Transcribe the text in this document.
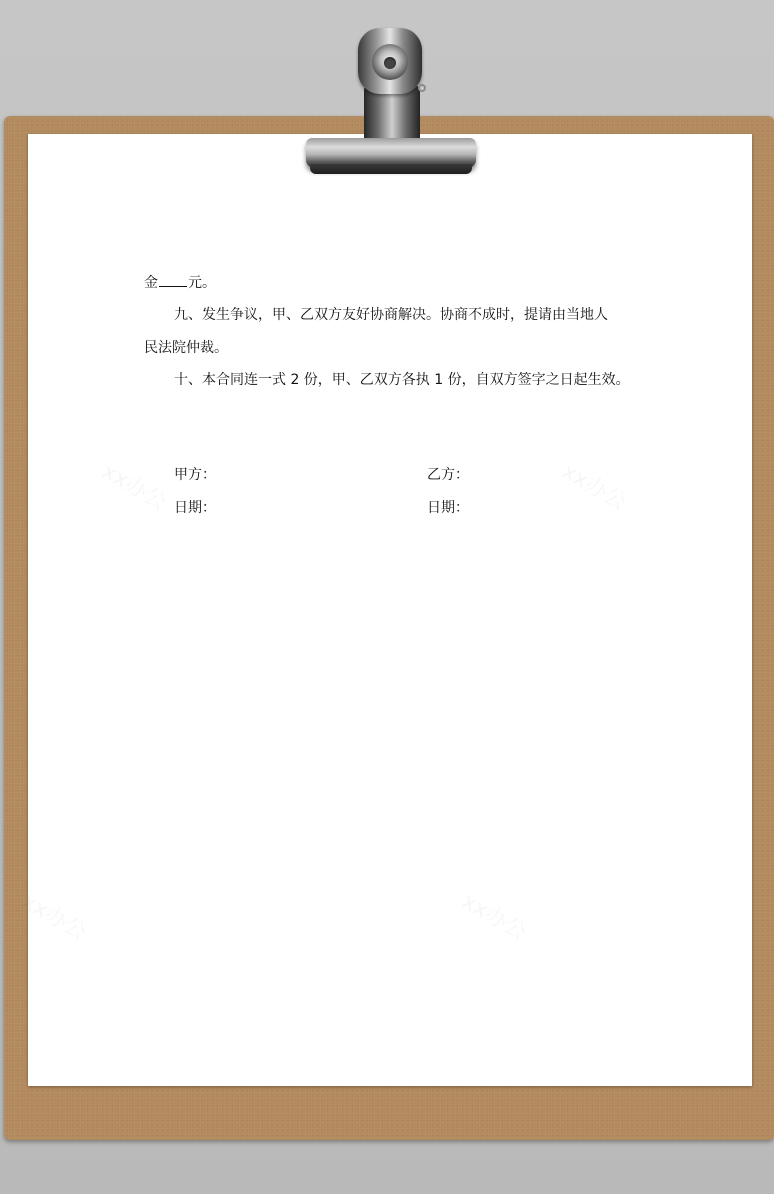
金 元。
九、发生争议，甲、乙双方友好协商解决。协商不成时，提请由当地人
民法院仲裁。
十、本合同连一式 2 份，甲、乙双方各执 1 份，自双方签字之日起生效。
甲方：	乙方：
日期：	日期：
